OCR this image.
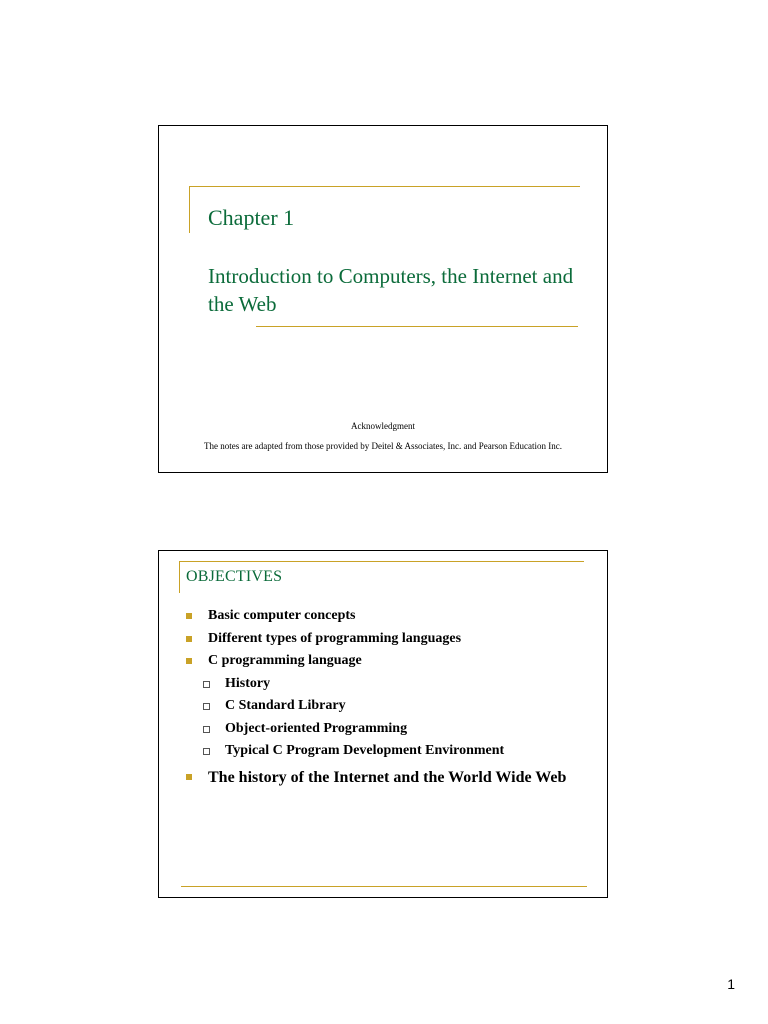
Chapter 1
Introduction to Computers, the Internet and the Web
Acknowledgment
The notes are adapted from those provided by Deitel & Associates, Inc. and Pearson Education Inc.
OBJECTIVES
Basic computer concepts
Different types of programming languages
C programming language
History
C Standard Library
Object-oriented Programming
Typical C Program Development Environment
The history of the Internet and the World Wide Web
1
